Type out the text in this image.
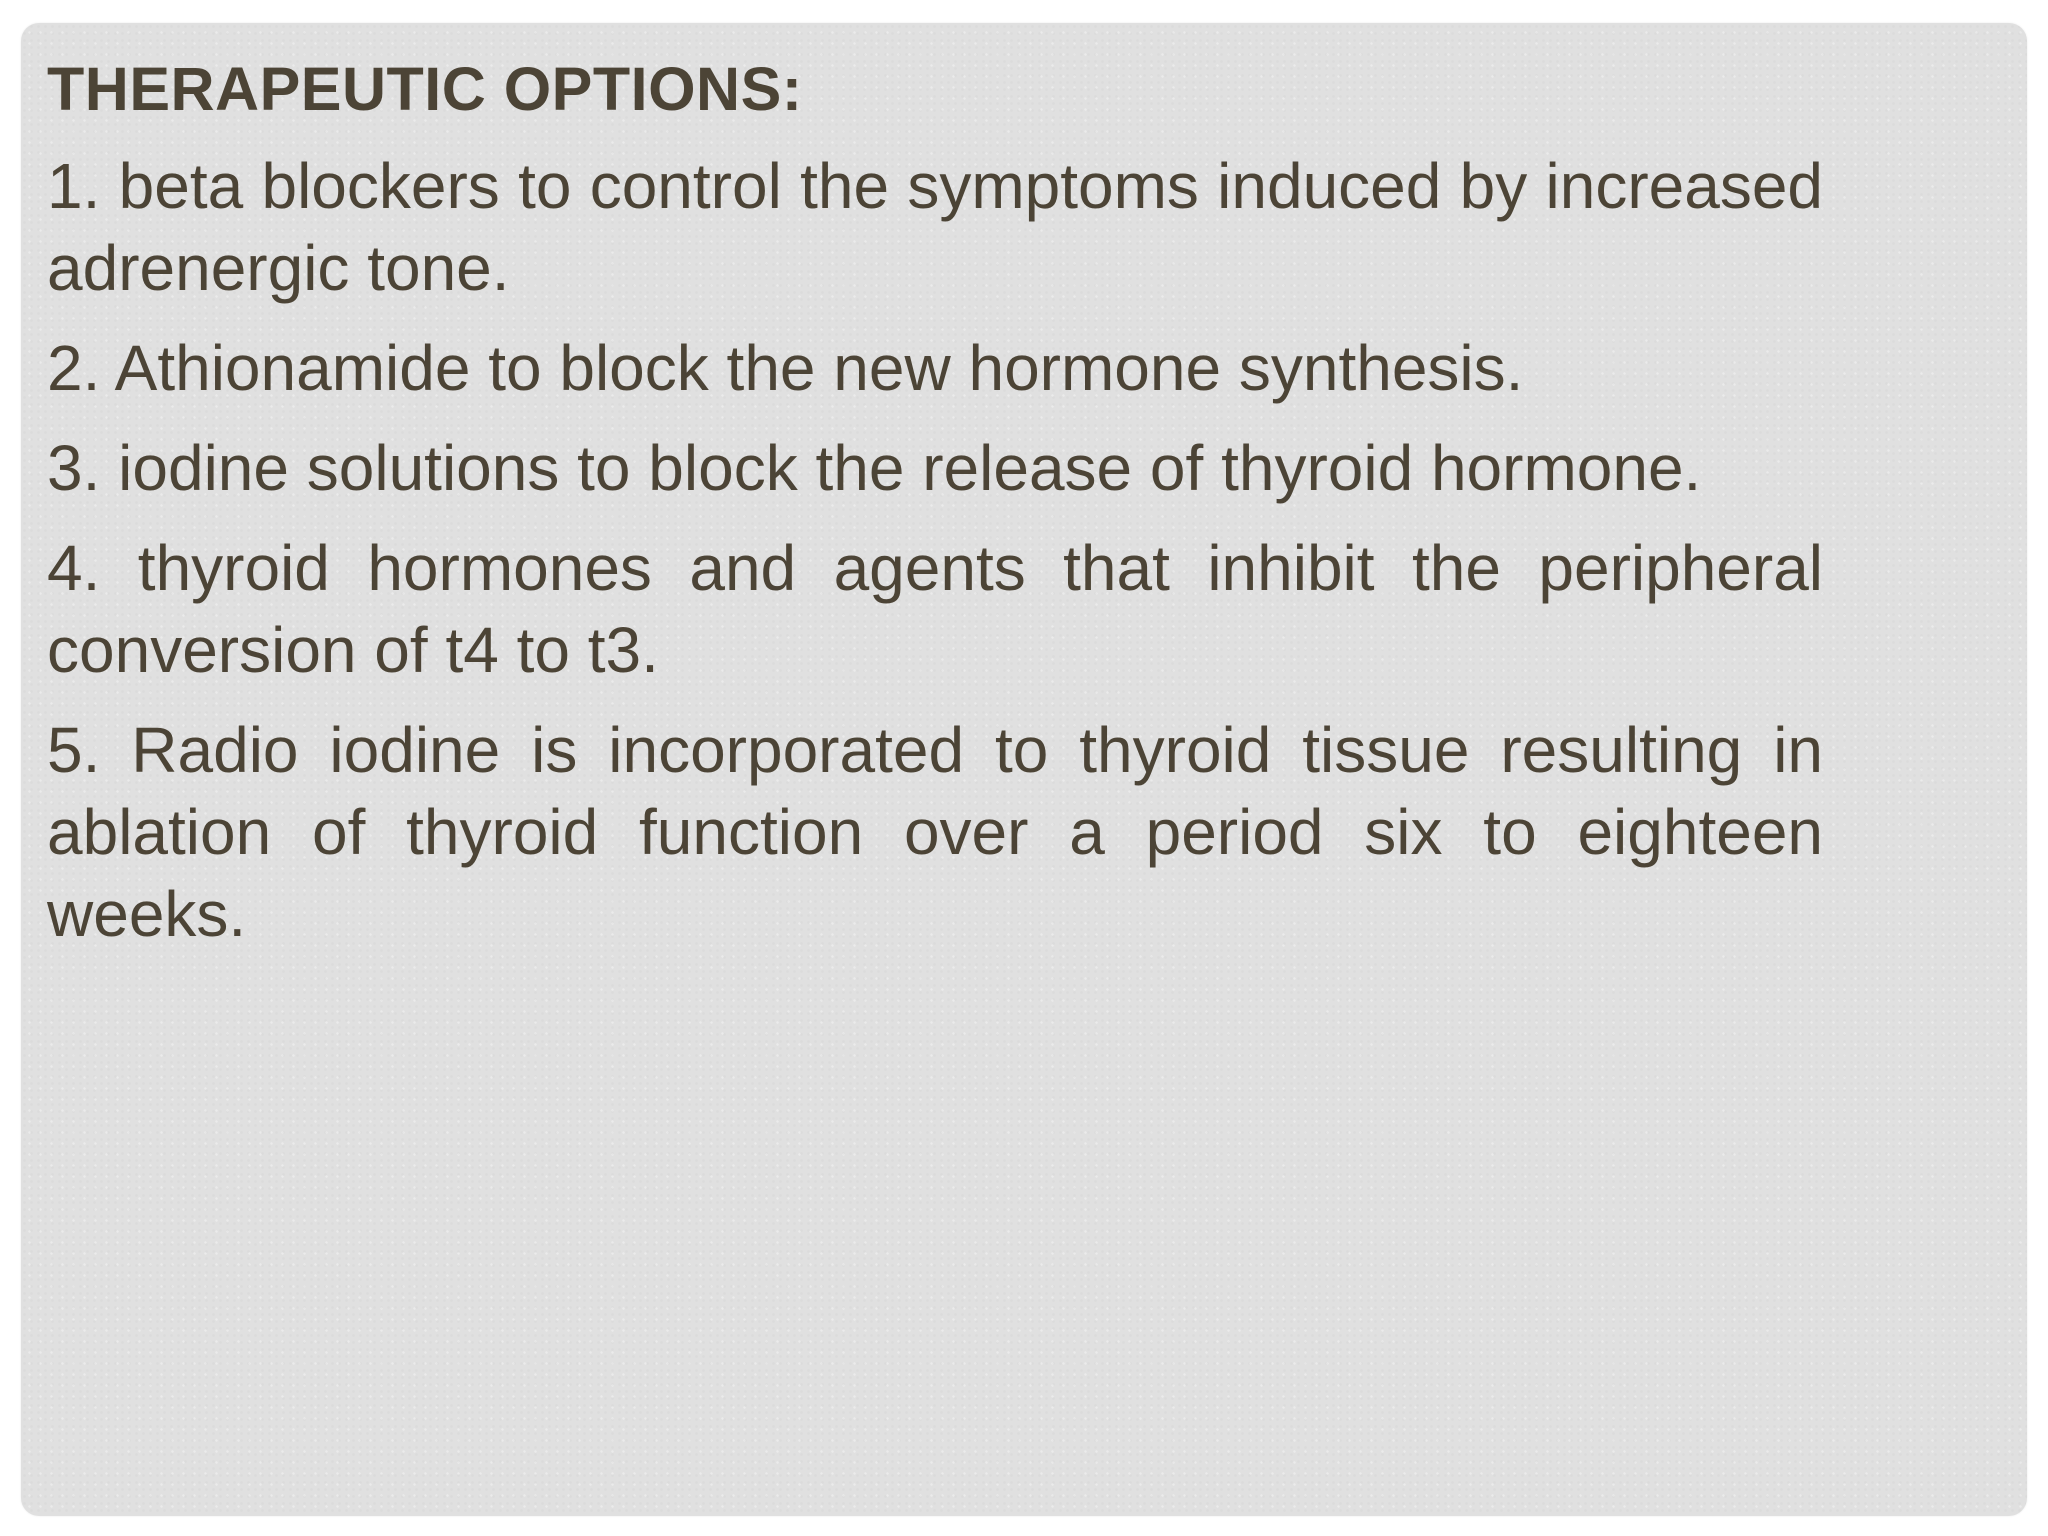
THERAPEUTIC OPTIONS:
1. beta blockers to control the symptoms induced by increased adrenergic tone.
2. Athionamide to block the new hormone synthesis.
3. iodine solutions to block the release of thyroid hormone.
4. thyroid hormones and agents that inhibit the peripheral conversion of t4 to t3.
5. Radio iodine is incorporated to thyroid tissue resulting in ablation of thyroid function over a period six to eighteen weeks.
